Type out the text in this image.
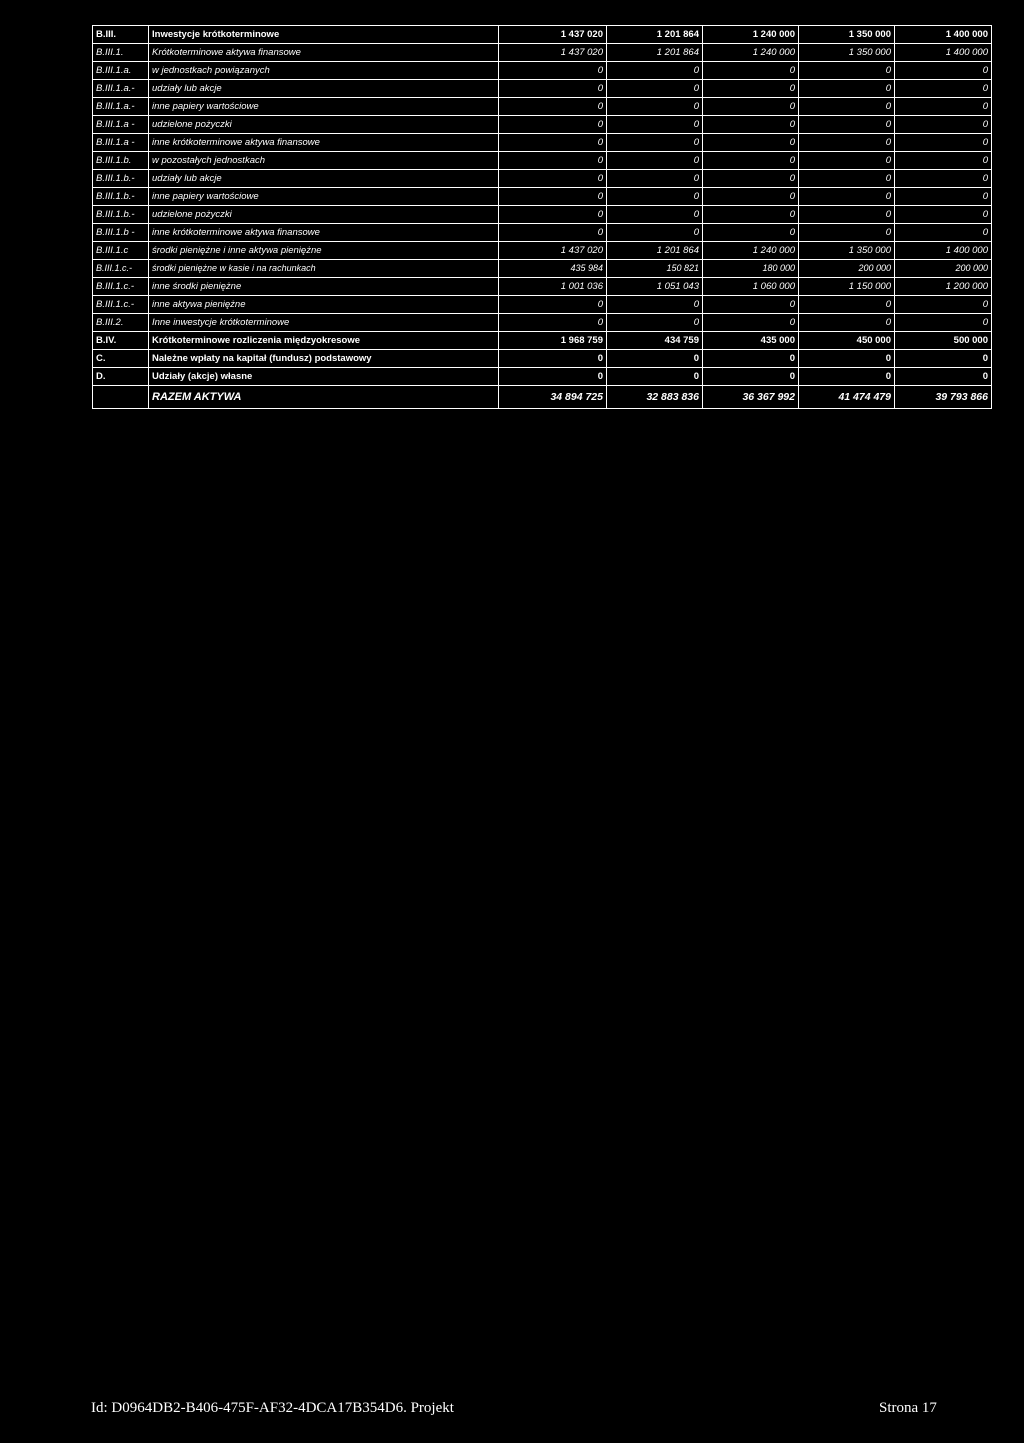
B.III.	Inwestycje krótkoterminowe	1 437 020	1 201 864	1 240 000	1 350 000	1 400 000
B.III.1.	Krótkoterminowe aktywa finansowe	1 437 020	1 201 864	1 240 000	1 350 000	1 400 000
B.III.1.a.	w jednostkach powiązanych	0	0	0	0	0
B.III.1.a.-	udziały lub akcje	0	0	0	0	0
B.III.1.a.-	inne papiery wartościowe	0	0	0	0	0
B.III.1.a -	udzielone pożyczki	0	0	0	0	0
B.III.1.a -	inne krótkoterminowe aktywa finansowe	0	0	0	0	0
B.III.1.b.	w pozostałych jednostkach	0	0	0	0	0
B.III.1.b.-	udziały lub akcje	0	0	0	0	0
B.III.1.b.-	inne papiery wartościowe	0	0	0	0	0
B.III.1.b.-	udzielone pożyczki	0	0	0	0	0
B.III.1.b -	inne krótkoterminowe aktywa finansowe	0	0	0	0	0
B.III.1.c	środki pieniężne i inne aktywa pieniężne	1 437 020	1 201 864	1 240 000	1 350 000	1 400 000
B.III.1.c.-	środki pieniężne w kasie i na rachunkach	435 984	150 821	180 000	200 000	200 000
B.III.1.c.-	inne środki pieniężne	1 001 036	1 051 043	1 060 000	1 150 000	1 200 000
B.III.1.c.-	inne aktywa pieniężne	0	0	0	0	0
B.III.2.	Inne inwestycje krótkoterminowe	0	0	0	0	0
B.IV.	Krótkoterminowe rozliczenia międzyokresowe	1 968 759	434 759	435 000	450 000	500 000
C.	Należne wpłaty na kapitał (fundusz) podstawowy	0	0	0	0	0
D.	Udziały (akcje) własne	0	0	0	0	0
	RAZEM AKTYWA	34 894 725	32 883 836	36 367 992	41 474 479	39 793 866
Id: D0964DB2-B406-475F-AF32-4DCA17B354D6. Projekt	Strona 17
